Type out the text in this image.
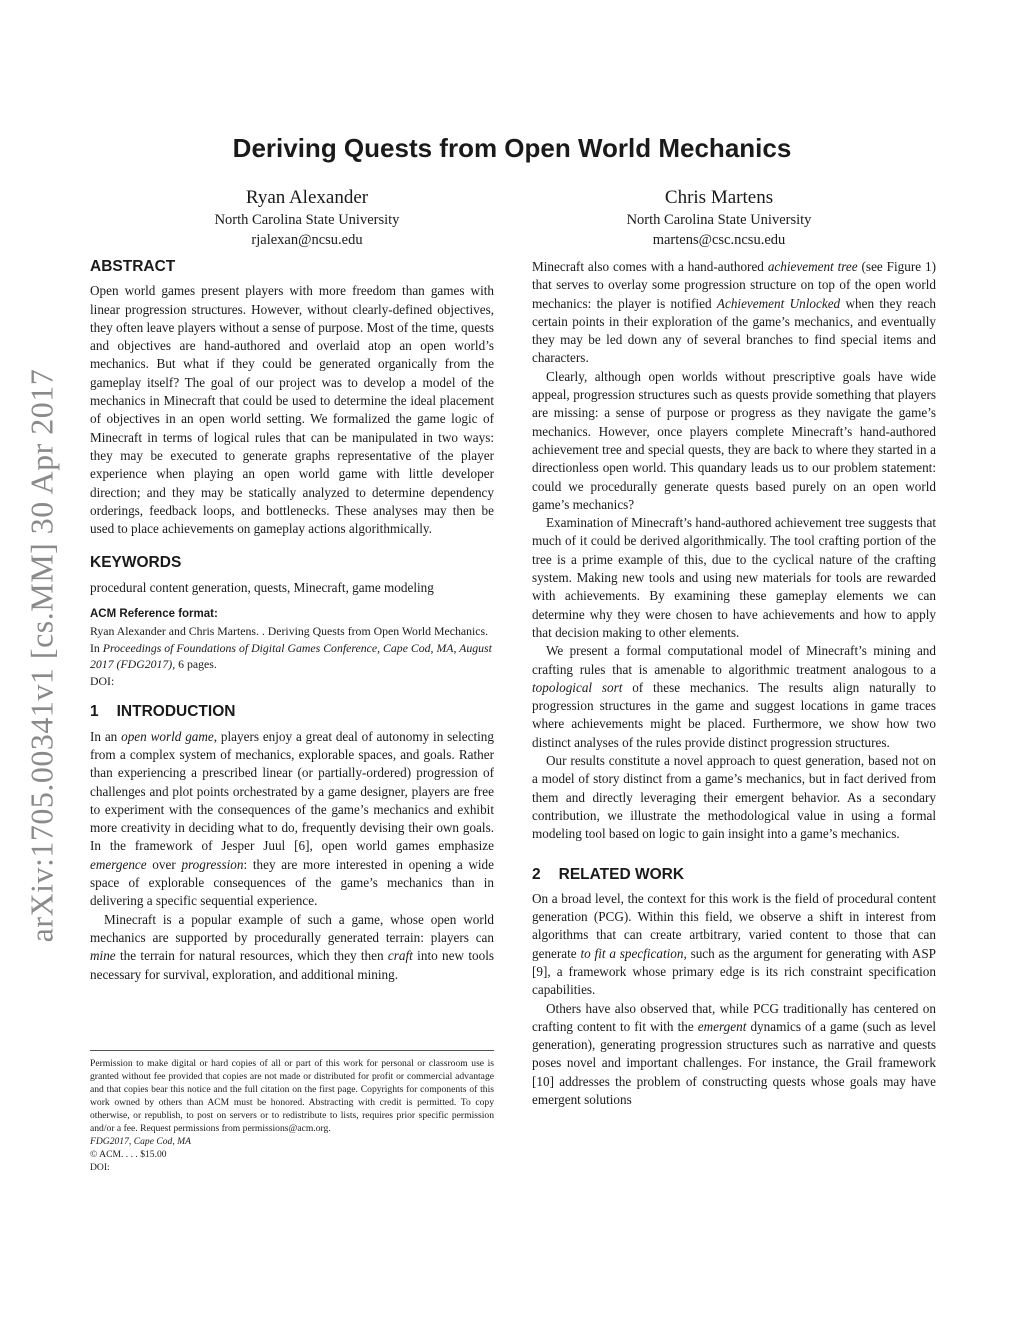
arXiv:1705.00341v1 [cs.MM] 30 Apr 2017
Deriving Quests from Open World Mechanics
Ryan Alexander
North Carolina State University
rjalexan@ncsu.edu
Chris Martens
North Carolina State University
martens@csc.ncsu.edu
ABSTRACT

Open world games present players with more freedom than games with linear progression structures. However, without clearly-defined objectives, they often leave players without a sense of purpose. Most of the time, quests and objectives are hand-authored and overlaid atop an open world’s mechanics. But what if they could be generated organically from the gameplay itself? The goal of our project was to develop a model of the mechanics in Minecraft that could be used to determine the ideal placement of objectives in an open world setting. We formalized the game logic of Minecraft in terms of logical rules that can be manipulated in two ways: they may be executed to generate graphs representative of the player experience when playing an open world game with little developer direction; and they may be statically analyzed to determine dependency orderings, feedback loops, and bottlenecks. These analyses may then be used to place achievements on gameplay actions algorithmically.

KEYWORDS

procedural content generation, quests, Minecraft, game modeling

ACM Reference format:
Ryan Alexander and Chris Martens. . Deriving Quests from Open World Mechanics. In Proceedings of Foundations of Digital Games Conference, Cape Cod, MA, August 2017 (FDG2017), 6 pages.
DOI:
1 INTRODUCTION

In an open world game, players enjoy a great deal of autonomy in selecting from a complex system of mechanics, explorable spaces, and goals. Rather than experiencing a prescribed linear (or partially-ordered) progression of challenges and plot points orchestrated by a game designer, players are free to experiment with the consequences of the game’s mechanics and exhibit more creativity in deciding what to do, frequently devising their own goals. In the framework of Jesper Juul [6], open world games emphasize emergence over progression: they are more interested in opening a wide space of explorable consequences of the game’s mechanics than in delivering a specific sequential experience.

Minecraft is a popular example of such a game, whose open world mechanics are supported by procedurally generated terrain: players can mine the terrain for natural resources, which they then craft into new tools necessary for survival, exploration, and additional mining.

Permission to make digital or hard copies of all or part of this work for personal or classroom use is granted without fee provided that copies are not made or distributed for profit or commercial advantage and that copies bear this notice and the full citation on the first page. Copyrights for components of this work owned by others than ACM must be honored. Abstracting with credit is permitted. To copy otherwise, or republish, to post on servers or to redistribute to lists, requires prior specific permission and/or a fee. Request permissions from permissions@acm.org.

FDG2017, Cape Cod, MA
© ACM. . . . $15.00
DOI:

Minecraft also comes with a hand-authored achievement tree (see Figure 1) that serves to overlay some progression structure on top of the open world mechanics: the player is notified Achievement Unlocked when they reach certain points in their exploration of the game’s mechanics, and eventually they may be led down any of several branches to find special items and characters.

Clearly, although open worlds without prescriptive goals have wide appeal, progression structures such as quests provide something that players are missing: a sense of purpose or progress as they navigate the game’s mechanics. However, once players complete Minecraft’s hand-authored achievement tree and special quests, they are back to where they started in a directionless open world. This quandary leads us to our problem statement: could we procedurally generate quests based purely on an open world game’s mechanics?

Examination of Minecraft’s hand-authored achievement tree suggests that much of it could be derived algorithmically. The tool crafting portion of the tree is a prime example of this, due to the cyclical nature of the crafting system. Making new tools and using new materials for tools are rewarded with achievements. By examining these gameplay elements we can determine why they were chosen to have achievements and how to apply that decision making to other elements.

We present a formal computational model of Minecraft’s mining and crafting rules that is amenable to algorithmic treatment analogous to a topological sort of these mechanics. The results align naturally to progression structures in the game and suggest locations in game traces where achievements might be placed. Furthermore, we show how two distinct analyses of the rules provide distinct progression structures.

Our results constitute a novel approach to quest generation, based not on a model of story distinct from a game’s mechanics, but in fact derived from them and directly leveraging their emergent behavior. As a secondary contribution, we illustrate the methodological value in using a formal modeling tool based on logic to gain insight into a game’s mechanics.

2 RELATED WORK

On a broad level, the context for this work is the field of procedural content generation (PCG). Within this field, we observe a shift in interest from algorithms that can create artbitrary, varied content to those that can generate to fit a specfication, such as the argument for generating with ASP [9], a framework whose primary edge is its rich constraint specification capabilities.

Others have also observed that, while PCG traditionally has centered on crafting content to fit with the emergent dynamics of a game (such as level generation), generating progression structures such as narrative and quests poses novel and important challenges. For instance, the Grail framework [10] addresses the problem of constructing quests whose goals may have emergent solutions
